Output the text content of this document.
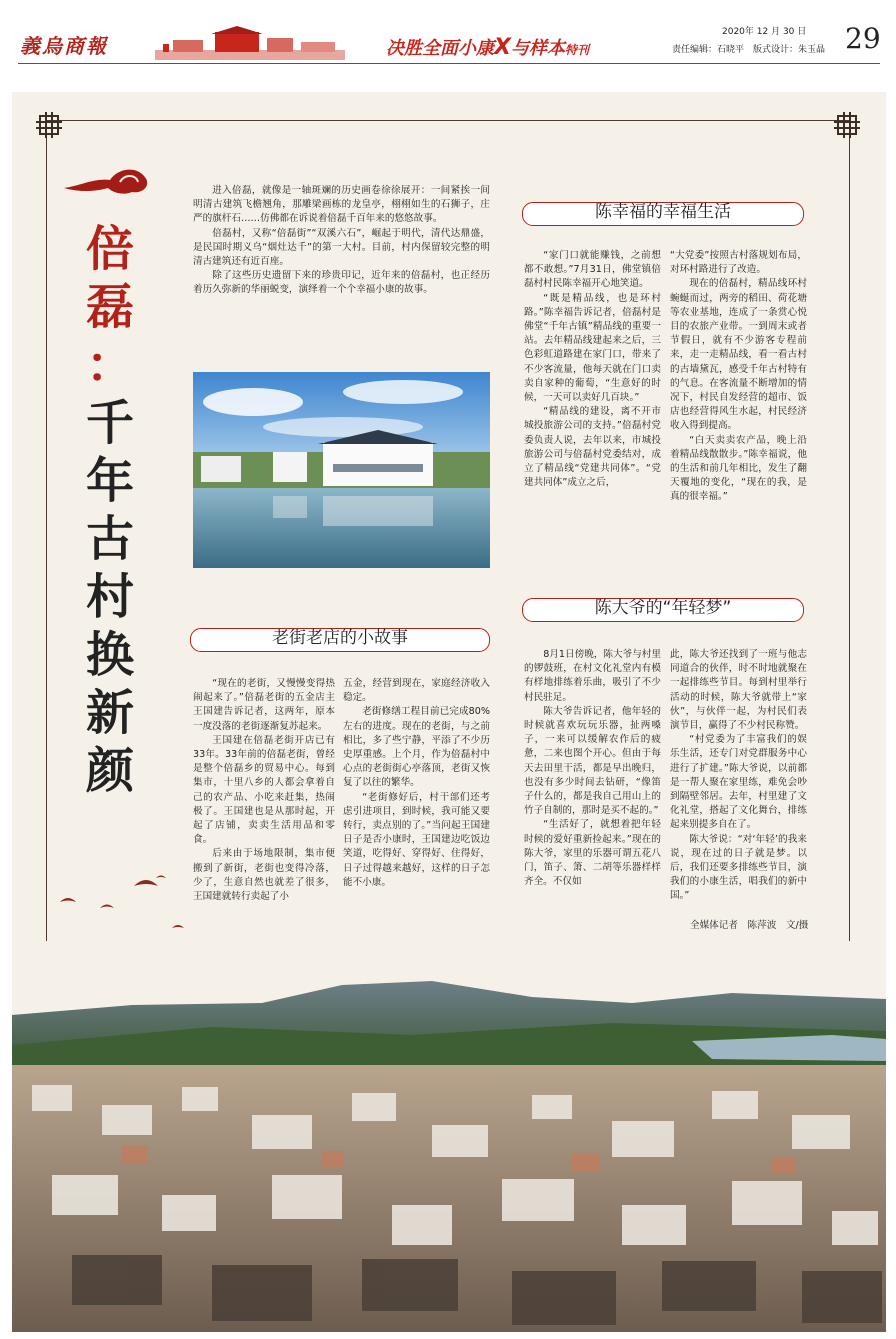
義烏商報	决胜全面小康X与样本特刊
2020年 12 月 30 日
责任编辑：石晓平　版式设计：朱玉晶 29
倍磊
：
千年古村换新颜
进入倍磊，就像是一轴斑斓的历史画卷徐徐展开：一间紧挨一间明清古建筑飞檐翘角，那雕梁画栋的龙皇亭，栩栩如生的石狮子，庄严的旗杆石……仿佛都在诉说着倍磊千百年来的悠悠故事。
倍磊村，又称“倍磊街”“双溪六石”，崛起于明代，清代达鼎盛，是民国时期义乌“烟灶达千”的第一大村。目前，村内保留较完整的明清古建筑还有近百座。
除了这些历史遗留下来的珍贵印记，近年来的倍磊村，也正经历着历久弥新的华丽蜕变，演绎着一个个幸福小康的故事。
老街老店的小故事
“现在的老街，又慢慢变得热闹起来了。”倍磊老街的五金店主王国建告诉记者，这两年，原本一度没落的老街逐渐复苏起来。
王国建在倍磊老街开店已有33年。33年前的倍磊老街，曾经是整个倍磊乡的贸易中心。每到集市，十里八乡的人都会拿着自己的农产品、小吃来赶集，热闹极了。王国建也是从那时起，开起了店铺，卖卖生活用品和零食。
后来由于场地限制，集市便搬到了新街，老街也变得冷落，少了，生意自然也就差了很多，王国建就转行卖起了小
五金，经营到现在，家庭经济收入稳定。
老街修缮工程目前已完成80%左右的进度。现在的老街，与之前相比，多了些宁静，平添了不少历史厚重感。上个月，作为倍磊村中心点的老街街心亭落顶，老街又恢复了以往的繁华。
“老街修好后，村干部们还考虑引进项目，到时候，我可能又要转行，卖点别的了。”当问起王国建日子是否小康时，王国建边吃饭边笑道，吃得好、穿得好、住得好，日子过得越来越好，这样的日子怎能不小康。
陈幸福的幸福生活
“家门口就能赚钱，之前想都不敢想。”7月31日，佛堂镇倍磊村村民陈幸福开心地笑道。
“既是精品线，也是环村路。”陈幸福告诉记者，倍磊村是佛堂“千年古镇”精品线的重要一站。去年精品线建起来之后，三色彩虹道路建在家门口，带来了不少客流量，他每天就在门口卖卖自家种的葡萄，“生意好的时候，一天可以卖好几百块。”
“精品线的建设，离不开市城投旅游公司的支持。”倍磊村党委负责人说，去年以来，市城投旅游公司与倍磊村党委结对，成立了精品线“党建共同体”。“党建共同体”成立之后，
“大党委”按照古村落规划布局，对环村路进行了改造。
现在的倍磊村，精品线环村蜿蜒而过，两旁的稻田、荷花塘等农业基地，连成了一条赏心悦目的农旅产业带。一到周末或者节假日，就有不少游客专程前来，走一走精品线，看一看古村的古墙黛瓦，感受千年古村特有的气息。在客流量不断增加的情况下，村民自发经营的超市、饭店也经营得风生水起，村民经济收入得到提高。
“白天卖卖农产品，晚上沿着精品线散散步。”陈幸福说，他的生活和前几年相比，发生了翻天覆地的变化，“现在的我，是真的很幸福。”
陈大爷的“年轻梦”
8月1日傍晚，陈大爷与村里的锣鼓班，在村文化礼堂内有模有样地排练着乐曲，吸引了不少村民驻足。
陈大爷告诉记者，他年轻的时候就喜欢玩玩乐器，扯两嗓子，一来可以缓解农作后的疲惫，二来也图个开心。但由于每天去田里干活，都是早出晚归，也没有多少时间去钻研，“像笛子什么的，都是我自己用山上的竹子自制的，那时是买不起的。”
“生活好了，就想着把年轻时候的爱好重新捡起来。”现在的陈大爷，家里的乐器可谓五花八门，笛子、箫、二胡等乐器样样齐全。不仅如
此，陈大爷还找到了一班与他志同道合的伙伴，时不时地就聚在一起排练些节目。每到村里举行活动的时候，陈大爷就带上“家伙”，与伙伴一起，为村民们表演节目，赢得了不少村民称赞。
“村党委为了丰富我们的娱乐生活，还专门对党群服务中心进行了扩建。”陈大爷说，以前都是一帮人聚在家里练，难免会吵到隔壁邻居。去年，村里建了文化礼堂，搭起了文化舞台，排练起来别提多自在了。
陈大爷说：“对‘年轻’的我来说，现在过的日子就是梦。以后，我们还要多排练些节目，演我们的小康生活，唱我们的新中国。”
全媒体记者　陈萍波　文/摄
